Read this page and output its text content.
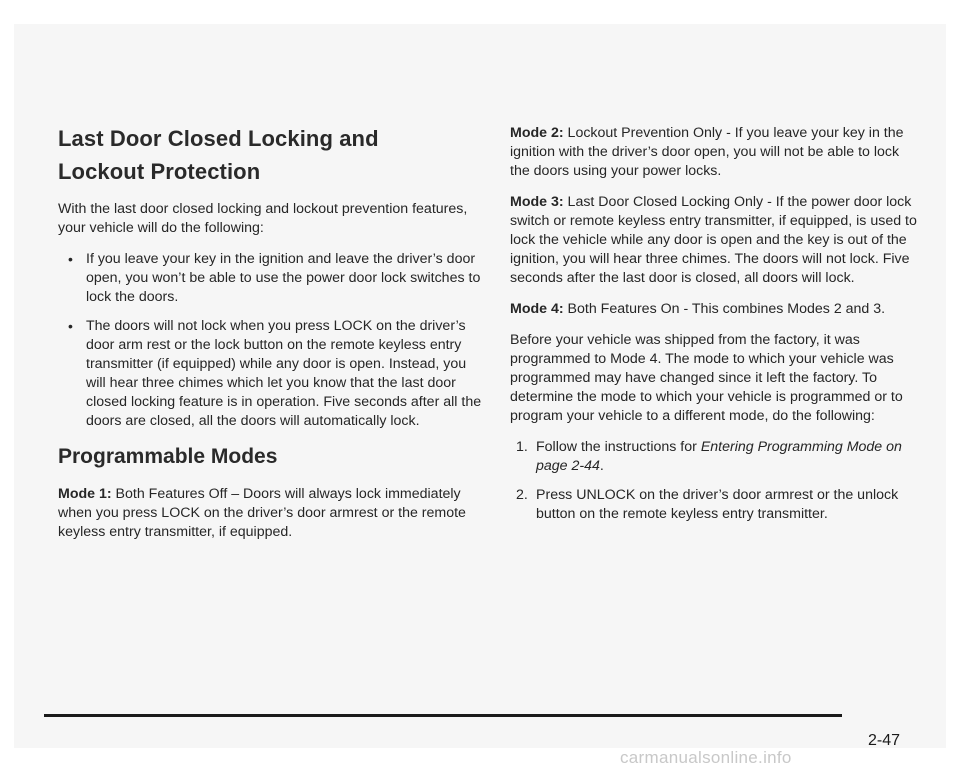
Last Door Closed Locking and
Lockout Protection

With the last door closed locking and lockout prevention features, your vehicle will do the following:

• If you leave your key in the ignition and leave the driver’s door open, you won’t be able to use the power door lock switches to lock the doors.
• The doors will not lock when you press LOCK on the driver’s door arm rest or the lock button on the remote keyless entry transmitter (if equipped) while any door is open. Instead, you will hear three chimes which let you know that the last door closed locking feature is in operation. Five seconds after all the doors are closed, all the doors will automatically lock.
Programmable Modes

Mode 1: Both Features Off – Doors will always lock immediately when you press LOCK on the driver’s door armrest or the remote keyless entry transmitter, if equipped.

Mode 2: Lockout Prevention Only - If you leave your key in the ignition with the driver’s door open, you will not be able to lock the doors using your power locks.

Mode 3: Last Door Closed Locking Only - If the power door lock switch or remote keyless entry transmitter, if equipped, is used to lock the vehicle while any door is open and the key is out of the ignition, you will hear three chimes. The doors will not lock. Five seconds after the last door is closed, all doors will lock.

Mode 4: Both Features On - This combines Modes 2 and 3.

Before your vehicle was shipped from the factory, it was programmed to Mode 4. The mode to which your vehicle was programmed may have changed since it left the factory. To determine the mode to which your vehicle is programmed or to program your vehicle to a different mode, do the following:

1. Follow the instructions for Entering Programming Mode on page 2-44.
2. Press UNLOCK on the driver’s door armrest or the unlock button on the remote keyless entry transmitter.
2-47
carmanualsonline.info
